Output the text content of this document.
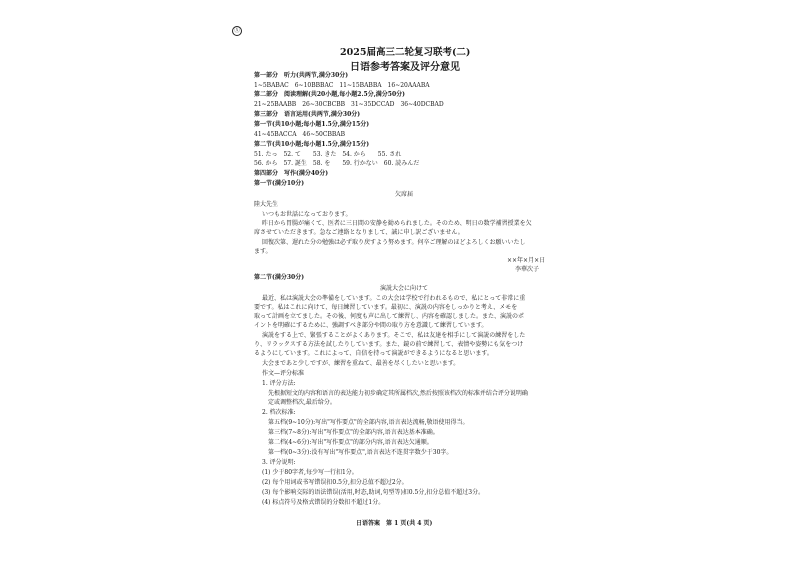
Ⓧ
2025届高三二轮复习联考(二)
日语参考答案及评分意见
第一部分　听力(共两节,满分30分)
1~5BABAC　6~10BBBAC　11~15BABBA　16~20AAABA
第二部分　阅读理解(共20小题,每小题2.5分,满分50分)
21~25BAABB　26~30CBCBB　31~35DCCAD　36~40DCBAD
第三部分　语言运用(共两节,满分30分)
第一节(共10小题;每小题1.5分,满分15分)
41~45BACCA　46~50CBBAB
第二节(共10小题;每小题1.5分,满分15分)
51. たっ　52. て　　53. きた　54. から　　55. され
56. から　57. 誕生　58. を　　59. 行かない　60. 読みんだ
第四部分　写作(满分40分)
第一节(满分10分)
欠席届
陸大先生
いつもお世話になっております。
昨日から胃腸が痛くて、医者に三日間の安静を勧められました。そのため、明日の数学補習授業を欠
席させていただきます。急なご連絡となりまして、誠に申し訳ございません。
回復次第、遅れた分の勉強は必ず取り戻すよう努めます。何卒ご理解のほどよろしくお願いいたし
ます。
××年×月×日
李華次子
第二节(满分30分)
演説大会に向けて
最近、私は演説大会の準備をしています。この大会は学校で行われるもので、私にとって非常に重
要です。私はこれに向けて、毎日練習しています。最初に、演説の内容をしっかりと考え、メモを
取って計画を立てました。その後、何度も声に出して練習し、内容を確認しました。また、演説のポ
イントを明確にするために、強調すべき部分や間の取り方を意識して練習しています。
演説をする上で、緊張することがよくあります。そこで、私は友達を相手にして演説の練習をした
り、リラックスする方法を試したりしています。また、鏡の前で練習して、表情や姿勢にも気をつけ
るようにしています。これによって、自信を持って演説ができるようになると思います。
大会まであと少しですが、練習を重ねて、最善を尽くしたいと思います。
作文—评分标准
1. 评分方法:
先根据短文的内容和语言的表达能力初步确定其所属档次,然后按照该档次的标准并结合评分说明确
定或调整档次,最后给分。
2. 档次标准:
第五档(9~10分):写出"写作要点"的全部内容,语言表达流畅,敬语使用得当。
第三档(7~8分):写出"写作要点"的全部内容,语言表达基本准确。
第二档(4~6分):写出"写作要点"的部分内容,语言表达欠通顺。
第一档(0~3分):没有写出"写作要点",语言表达不连贯字数少于30字。
3. 评分说明:
(1) 少于80字者,每少写一行扣1分。
(2) 每个用词或书写错误扣0.5分,扣分总值不超过2分。
(3) 每个影响交际的语法错误(活用,时态,助词,句型等)扣0.5分,扣分总值不超过3分。
(4) 标点符号及格式错误的分数扣不超过1分。
日语答案　第 1 页(共 4 页)
